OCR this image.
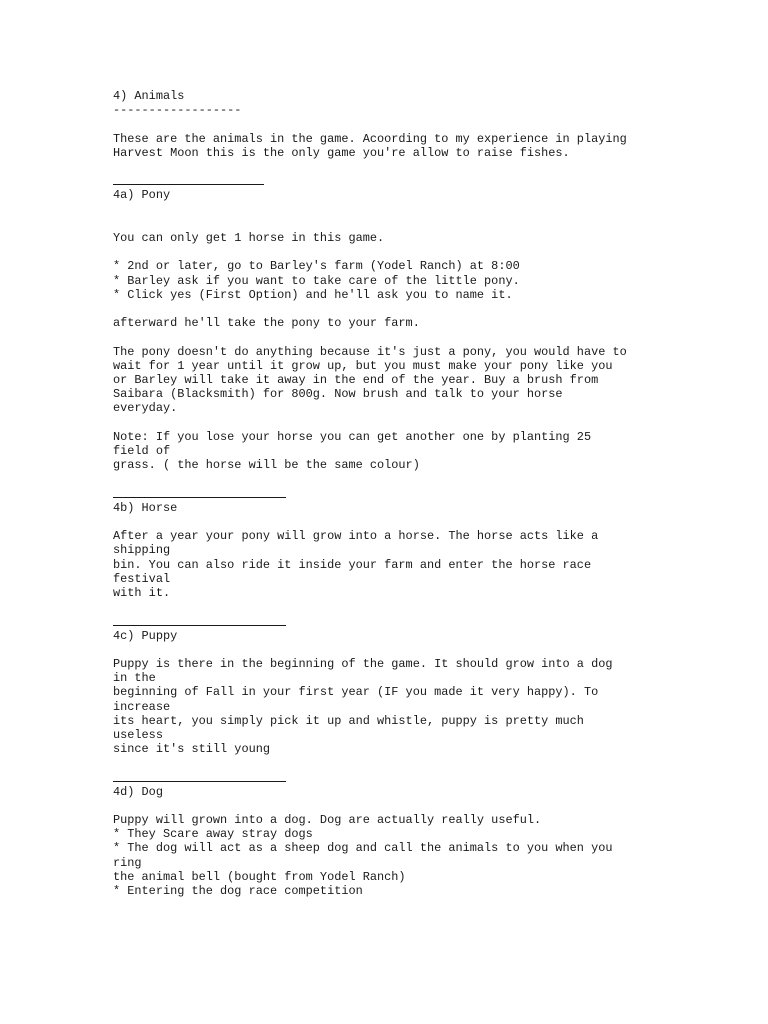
4) Animals

------------------

These are the animals in the game. Acoording to my experience in playing

Harvest Moon this is the only game you're allow to raise fishes.

4a) Pony

You can only get 1 horse in this game.

* 2nd or later, go to Barley's farm (Yodel Ranch) at 8:00

* Barley ask if you want to take care of the little pony.

* Click yes (First Option) and he'll ask you to name it.

afterward he'll take the pony to your farm.

The pony doesn't do anything because it's just a pony, you would have to

wait for 1 year until it grow up, but you must make your pony like you

or Barley will take it away in the end of the year. Buy a brush from

Saibara (Blacksmith) for 800g. Now brush and talk to your horse

everyday.

Note: If you lose your horse you can get another one by planting 25

field of

grass. ( the horse will be the same colour)

4b) Horse

After a year your pony will grow into a horse. The horse acts like a

shipping

bin. You can also ride it inside your farm and enter the horse race

festival

with it.

4c) Puppy

Puppy is there in the beginning of the game. It should grow into a dog

in the

beginning of Fall in your first year (IF you made it very happy). To

increase

its heart, you simply pick it up and whistle, puppy is pretty much

useless

since it's still young

4d) Dog

Puppy will grown into a dog. Dog are actually really useful.

* They Scare away stray dogs

* The dog will act as a sheep dog and call the animals to you when you

ring

the animal bell (bought from Yodel Ranch)

* Entering the dog race competition
